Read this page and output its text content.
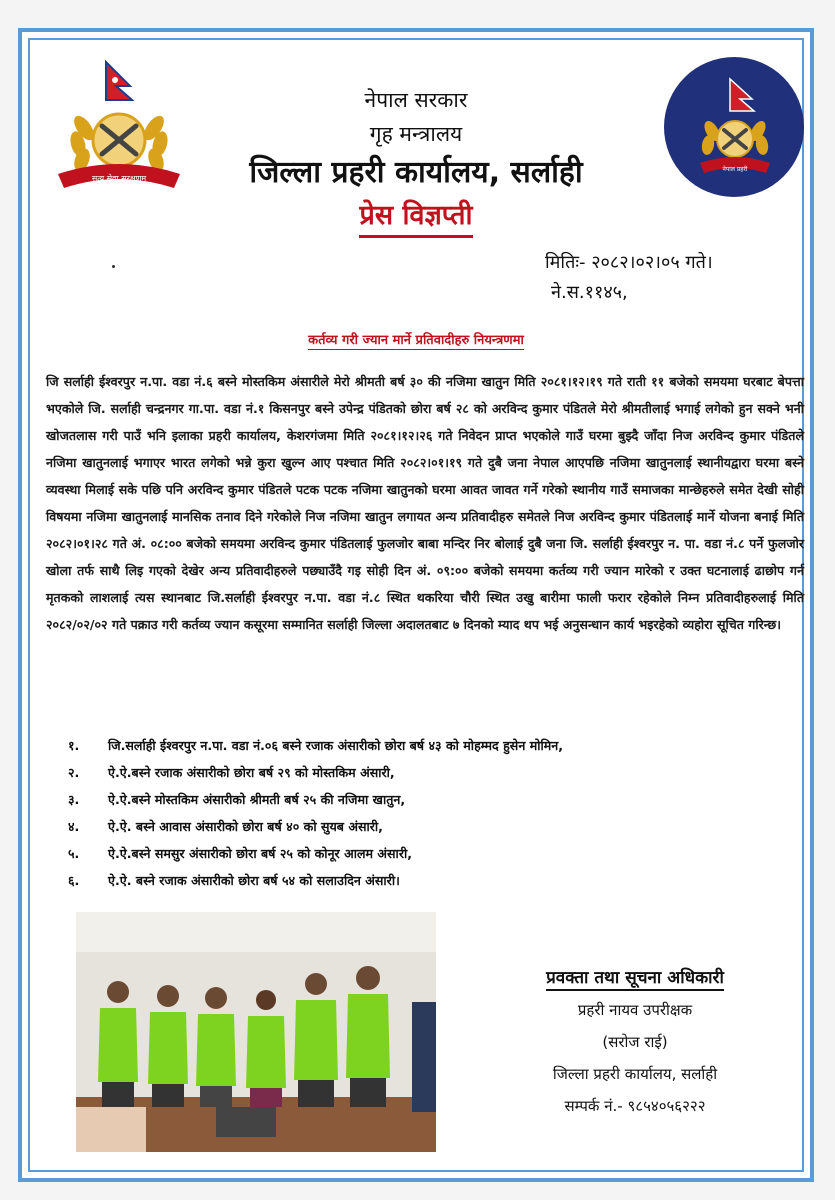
सत्य सेवा सुरक्षणम्
नेपाल प्रहरी
नेपाल सरकार
गृह मन्त्रालय
जिल्ला प्रहरी कार्यालय, सर्लाही
प्रेस विज्ञप्ती
मितिः- २०८२।०२।०५ गते।
ने.स.११४५,
कर्तव्य गरी ज्यान मार्ने प्रतिवादीहरु नियन्त्रणमा
जि सर्लाही ईश्वरपुर न.पा. वडा नं.६ बस्ने मोस्तकिम अंसारीले मेरो श्रीमती बर्ष ३० की नजिमा खातुन मिति २०८१।१२।१९ गते राती ११ बजेको समयमा घरबाट बेपत्ता भएकोले जि. सर्लाही चन्द्रनगर गा.पा. वडा नं.१ किसनपुर बस्ने उपेन्द्र पंडितको छोरा बर्ष २८ को अरविन्द कुमार पंडितले मेरो श्रीमतीलाई भगाई लगेको हुन सक्ने भनी खोजतलास गरी पाउँ भनि इलाका प्रहरी कार्यालय, केशरगंजमा मिति २०८१।१२।२६ गते निवेदन प्राप्त भएकोले गाउँ घरमा बुझ्दै जाँदा निज अरविन्द कुमार पंडितले नजिमा खातुनलाई भगाएर भारत लगेको भन्ने कुरा खुल्न आए पश्चात मिति २०८२।०१।१९ गते दुबै जना नेपाल आएपछि नजिमा खातुनलाई स्थानीयद्वारा घरमा बस्ने व्यवस्था मिलाई सके पछि पनि अरविन्द कुमार पंडितले पटक पटक नजिमा खातुनको घरमा आवत जावत गर्ने गरेको स्थानीय गाउँ समाजका मान्छेहरुले समेत देखी सोही विषयमा नजिमा खातुनलाई मानसिक तनाव दिने गरेकोले निज नजिमा खातुन लगायत अन्य प्रतिवादीहरु समेतले निज अरविन्द कुमार पंडितलाई मार्ने योजना बनाई मिति २०८२।०१।२८ गते अं. ०८:०० बजेको समयमा अरविन्द कुमार पंडितलाई फुलजोर बाबा मन्दिर निर बोलाई दुबै जना जि. सर्लाही ईश्वरपुर न. पा. वडा नं.८ पर्ने फुलजोर खोला तर्फ साथै लिइ गएको देखेर अन्य प्रतिवादीहरुले पछ्याउँदै गइ सोही दिन अं. ०९:०० बजेको समयमा कर्तव्य गरी ज्यान मारेको र उक्त घटनालाई ढाछोप गर्न मृतकको लाशलाई त्यस स्थानबाट जि.सर्लाही ईश्वरपुर न.पा. वडा नं.८ स्थित थकरिया चौरी स्थित उखु बारीमा फाली फरार रहेकोले निम्न प्रतिवादीहरुलाई मिति २०८२/०२/०२ गते पक्राउ गरी कर्तव्य ज्यान कसूरमा सम्मानित सर्लाही जिल्ला अदालतबाट ७ दिनको म्याद थप भई अनुसन्धान कार्य भइरहेको व्यहोरा सूचित गरिन्छ।
१.	जि.सर्लाही ईश्वरपुर न.पा. वडा नं.०६ बस्ने रजाक अंसारीको छोरा बर्ष ४३ को मोहम्मद हुसेन मोमिन,
२.	ऐ.ऐ.बस्ने रजाक अंसारीको छोरा बर्ष २९ को मोस्तकिम अंसारी,
३.	ऐ.ऐ.बस्ने मोस्तकिम अंसारीको श्रीमती बर्ष २५ की नजिमा खातुन,
४.	ऐ.ऐ. बस्ने आवास अंसारीको छोरा बर्ष ४० को सुयब अंसारी,
५.	ऐ.ऐ.बस्ने समसुर अंसारीको छोरा बर्ष २५ को कोनूर आलम अंसारी,
६.	ऐ.ऐ. बस्ने रजाक अंसारीको छोरा बर्ष ५४ को सलाउदिन अंसारी।
प्रवक्ता तथा सूचना अधिकारी
प्रहरी नायव उपरीक्षक
(सरोज राई)
जिल्ला प्रहरी कार्यालय, सर्लाही
सम्पर्क नं.- ९८५४०५६२२२
